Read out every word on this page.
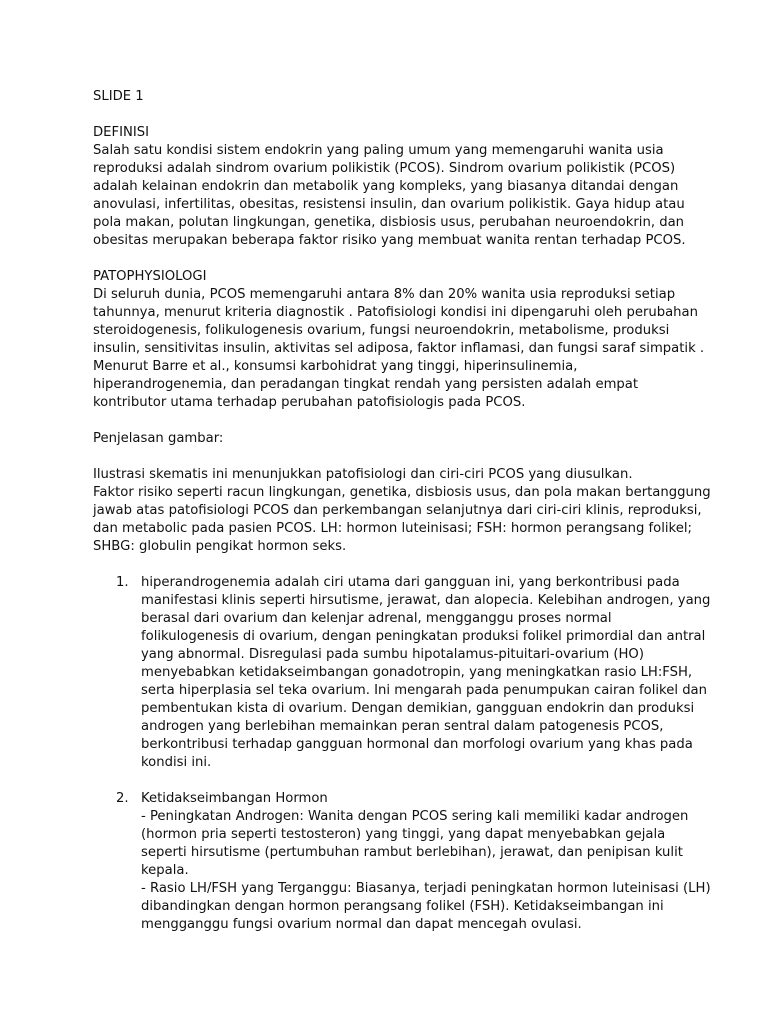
SLIDE 1
DEFINISI
Salah satu kondisi sistem endokrin yang paling umum yang memengaruhi wanita usia
reproduksi adalah sindrom ovarium polikistik (PCOS). Sindrom ovarium polikistik (PCOS)
adalah kelainan endokrin dan metabolik yang kompleks, yang biasanya ditandai dengan
anovulasi, infertilitas, obesitas, resistensi insulin, dan ovarium polikistik. Gaya hidup atau
pola makan, polutan lingkungan, genetika, disbiosis usus, perubahan neuroendokrin, dan
obesitas merupakan beberapa faktor risiko yang membuat wanita rentan terhadap PCOS.
PATOPHYSIOLOGI
Di seluruh dunia, PCOS memengaruhi antara 8% dan 20% wanita usia reproduksi setiap
tahunnya, menurut kriteria diagnostik . Patofisiologi kondisi ini dipengaruhi oleh perubahan
steroidogenesis, folikulogenesis ovarium, fungsi neuroendokrin, metabolisme, produksi
insulin, sensitivitas insulin, aktivitas sel adiposa, faktor inflamasi, dan fungsi saraf simpatik .
Menurut Barre et al., konsumsi karbohidrat yang tinggi, hiperinsulinemia,
hiperandrogenemia, dan peradangan tingkat rendah yang persisten adalah empat
kontributor utama terhadap perubahan patofisiologis pada PCOS.
Penjelasan gambar:
Ilustrasi skematis ini menunjukkan patofisiologi dan ciri-ciri PCOS yang diusulkan.
Faktor risiko seperti racun lingkungan, genetika, disbiosis usus, dan pola makan bertanggung
jawab atas patofisiologi PCOS dan perkembangan selanjutnya dari ciri-ciri klinis, reproduksi,
dan metabolic pada pasien PCOS. LH: hormon luteinisasi; FSH: hormon perangsang folikel;
SHBG: globulin pengikat hormon seks.
1. hiperandrogenemia adalah ciri utama dari gangguan ini, yang berkontribusi pada
manifestasi klinis seperti hirsutisme, jerawat, dan alopecia. Kelebihan androgen, yang
berasal dari ovarium dan kelenjar adrenal, mengganggu proses normal
folikulogenesis di ovarium, dengan peningkatan produksi folikel primordial dan antral
yang abnormal. Disregulasi pada sumbu hipotalamus-pituitari-ovarium (HO)
menyebabkan ketidakseimbangan gonadotropin, yang meningkatkan rasio LH:FSH,
serta hiperplasia sel teka ovarium. Ini mengarah pada penumpukan cairan folikel dan
pembentukan kista di ovarium. Dengan demikian, gangguan endokrin dan produksi
androgen yang berlebihan memainkan peran sentral dalam patogenesis PCOS,
berkontribusi terhadap gangguan hormonal dan morfologi ovarium yang khas pada
kondisi ini.
2. Ketidakseimbangan Hormon
- Peningkatan Androgen: Wanita dengan PCOS sering kali memiliki kadar androgen
(hormon pria seperti testosteron) yang tinggi, yang dapat menyebabkan gejala
seperti hirsutisme (pertumbuhan rambut berlebihan), jerawat, dan penipisan kulit
kepala.
- Rasio LH/FSH yang Terganggu: Biasanya, terjadi peningkatan hormon luteinisasi (LH)
dibandingkan dengan hormon perangsang folikel (FSH). Ketidakseimbangan ini
mengganggu fungsi ovarium normal dan dapat mencegah ovulasi.
